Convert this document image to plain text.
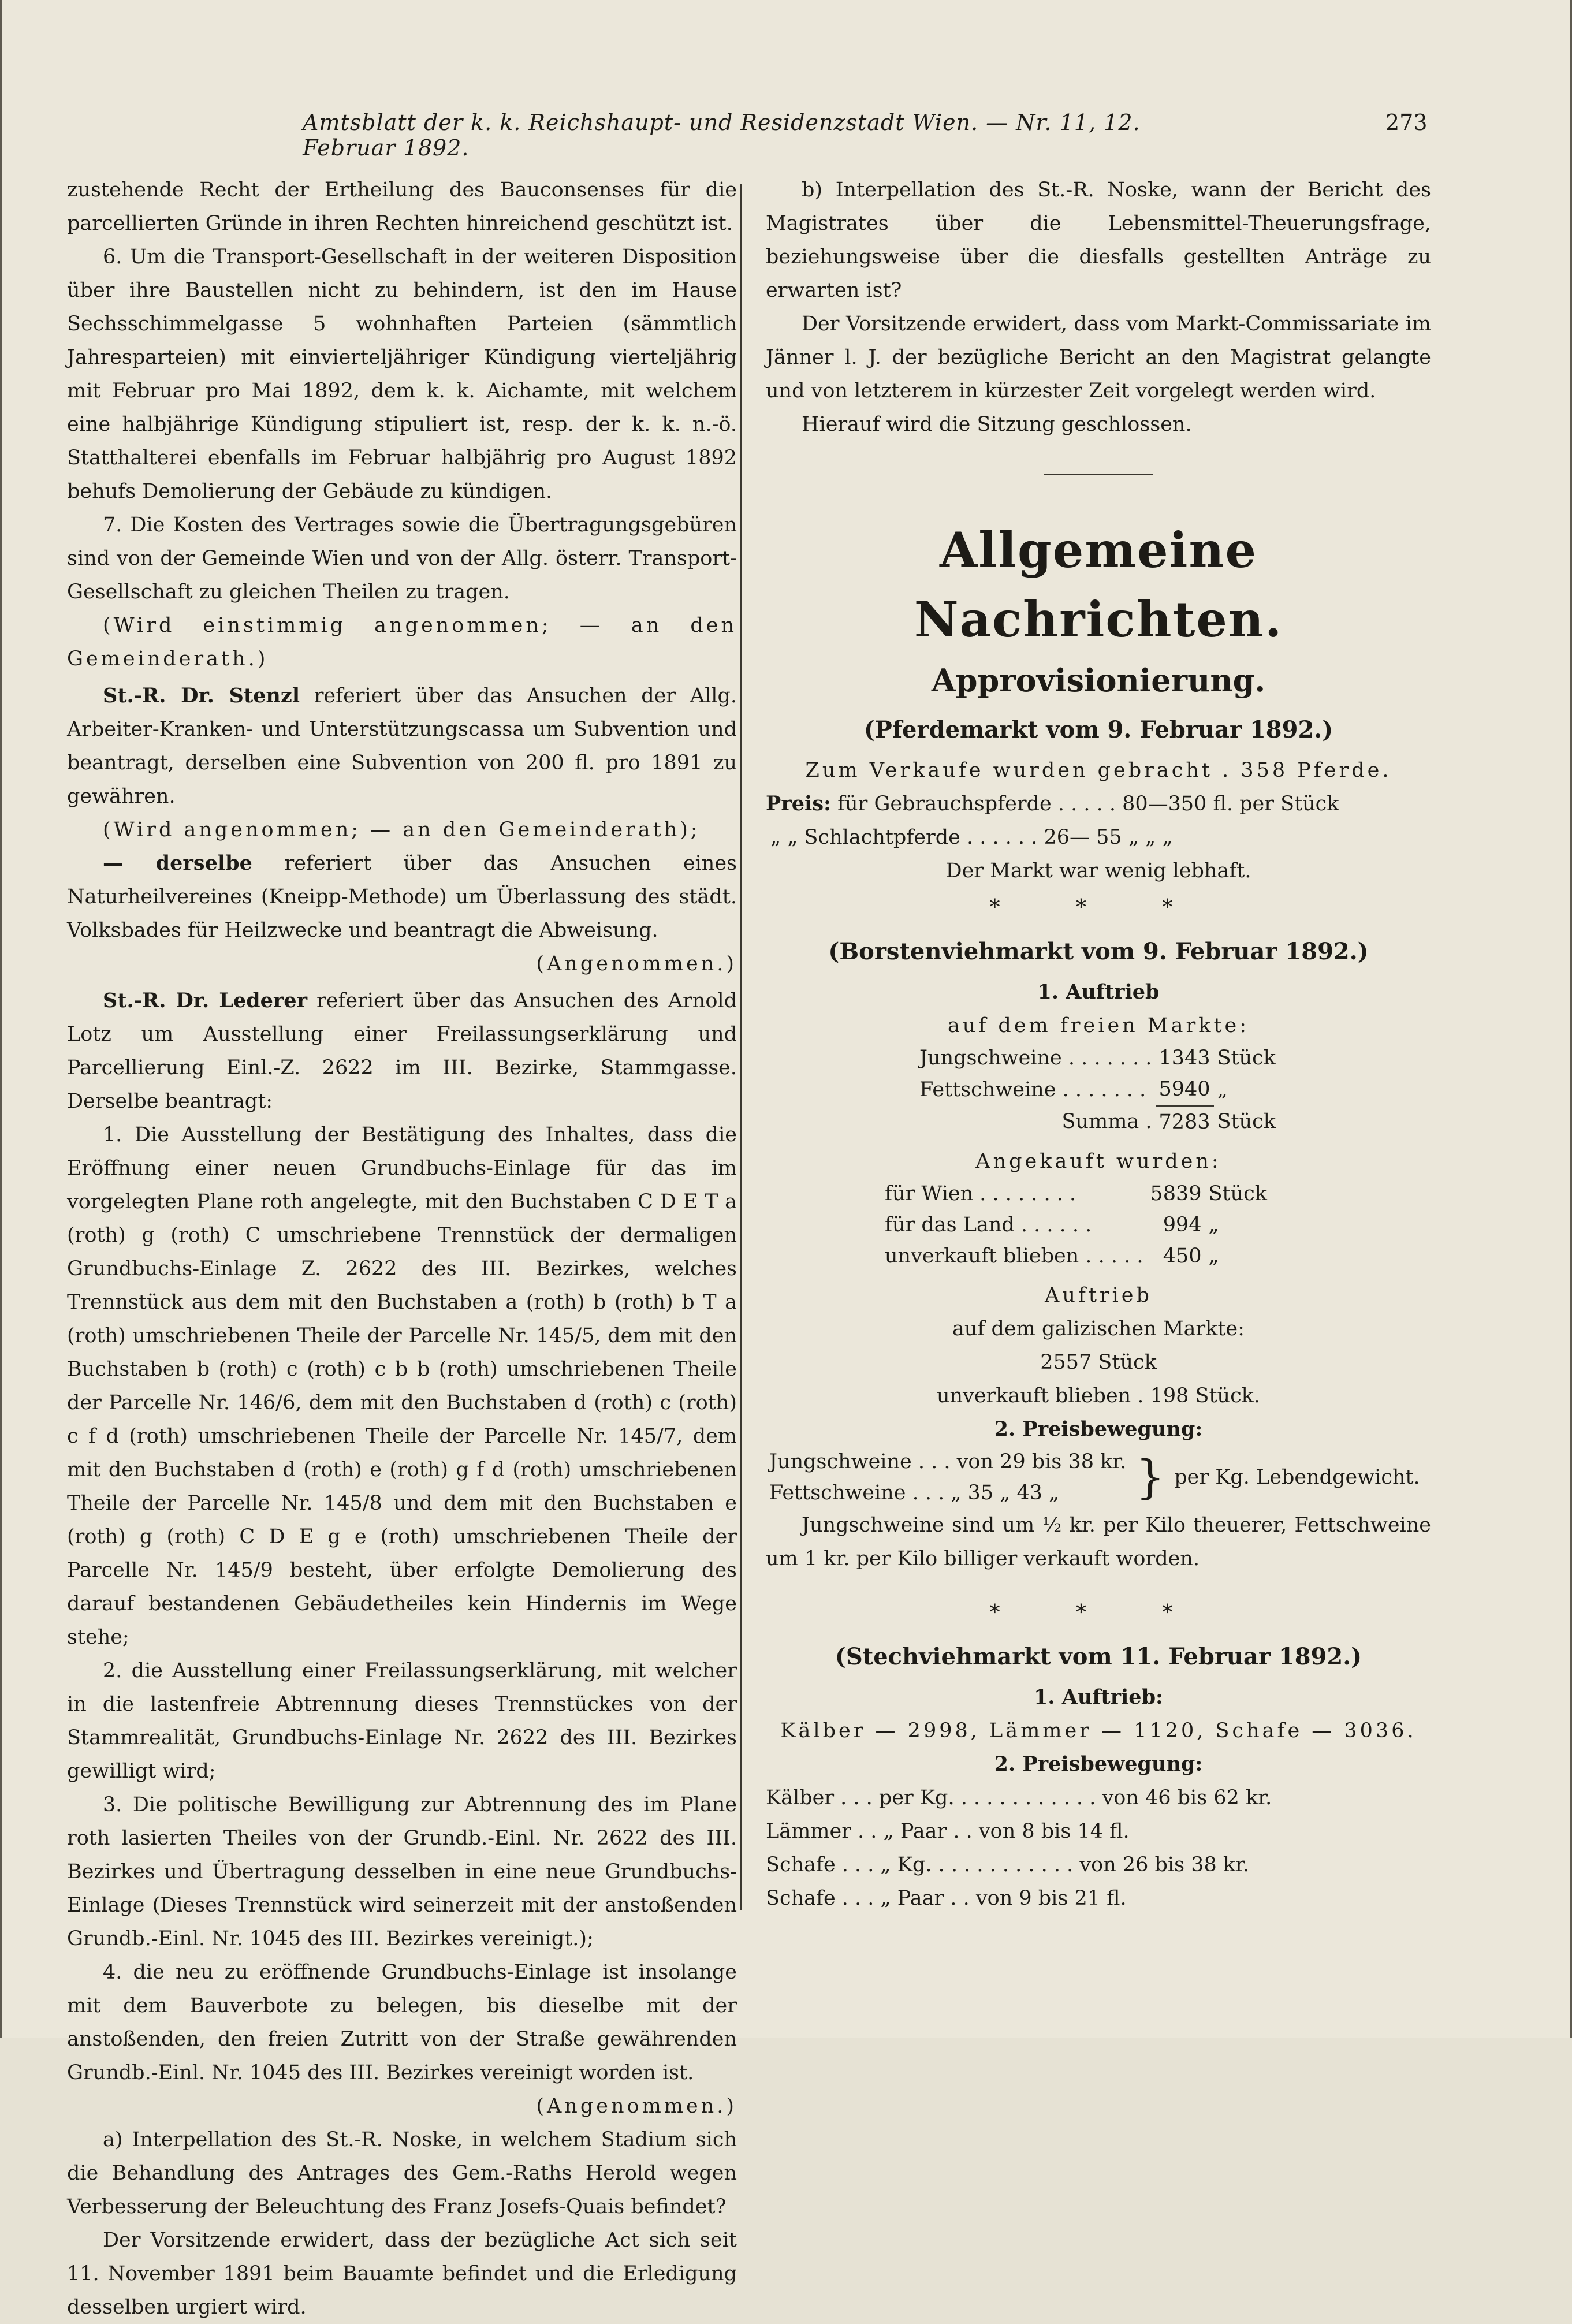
Amtsblatt der k. k. Reichshaupt- und Residenzstadt Wien. — Nr. 11, 12. Februar 1892.
273

zustehende Recht der Ertheilung des Bauconsenses für die parcellierten Gründe in ihren Rechten hinreichend geschützt ist.

6. Um die Transport-Gesellschaft in der weiteren Disposition über ihre Baustellen nicht zu behindern, ist den im Hause Sechsschimmelgasse 5 wohnhaften Parteien (sämmtlich Jahresparteien) mit einvierteljähriger Kündigung vierteljährig mit Februar pro Mai 1892, dem k. k. Aichamte, mit welchem eine halbjährige Kündigung stipuliert ist, resp. der k. k. n.-ö. Statthalterei ebenfalls im Februar halbjährig pro August 1892 behufs Demolierung der Gebäude zu kündigen.

7. Die Kosten des Vertrages sowie die Übertragungsgebüren sind von der Gemeinde Wien und von der Allg. österr. Transport-Gesellschaft zu gleichen Theilen zu tragen.

(Wird einstimmig angenommen; — an den Gemeinderath.)

St.-R. Dr. Stenzl referiert über das Ansuchen der Allg. Arbeiter-Kranken- und Unterstützungscassa um Subvention und beantragt, derselben eine Subvention von 200 fl. pro 1891 zu gewähren.

(Wird angenommen; — an den Gemeinderath);

— derselbe referiert über das Ansuchen eines Naturheilvereines (Kneipp-Methode) um Überlassung des städt. Volksbades für Heilzwecke und beantragt die Abweisung.

(Angenommen.)

St.-R. Dr. Lederer referiert über das Ansuchen des Arnold Lotz um Ausstellung einer Freilassungserklärung und Parcellierung Einl.-Z. 2622 im III. Bezirke, Stammgasse. Derselbe beantragt:

1. Die Ausstellung der Bestätigung des Inhaltes, dass die Eröffnung einer neuen Grundbuchs-Einlage für das im vorgelegten Plane roth angelegte, mit den Buchstaben C D E T a (roth) g (roth) C umschriebene Trennstück der dermaligen Grundbuchs-Einlage Z. 2622 des III. Bezirkes, welches Trennstück aus dem mit den Buchstaben a (roth) b (roth) b T a (roth) umschriebenen Theile der Parcelle Nr. 145/5, dem mit den Buchstaben b (roth) c (roth) c b b (roth) umschriebenen Theile der Parcelle Nr. 146/6, dem mit den Buchstaben d (roth) c (roth) c f d (roth) umschriebenen Theile der Parcelle Nr. 145/7, dem mit den Buchstaben d (roth) e (roth) g f d (roth) umschriebenen Theile der Parcelle Nr. 145/8 und dem mit den Buchstaben e (roth) g (roth) C D E g e (roth) umschriebenen Theile der Parcelle Nr. 145/9 besteht, über erfolgte Demolierung des darauf bestandenen Gebäudetheiles kein Hindernis im Wege stehe;

2. die Ausstellung einer Freilassungserklärung, mit welcher in die lastenfreie Abtrennung dieses Trennstückes von der Stammrealität, Grundbuchs-Einlage Nr. 2622 des III. Bezirkes gewilligt wird;

3. Die politische Bewilligung zur Abtrennung des im Plane roth lasierten Theiles von der Grundb.-Einl. Nr. 2622 des III. Bezirkes und Übertragung desselben in eine neue Grundbuchs-Einlage (Dieses Trennstück wird seinerzeit mit der anstoßenden Grundb.-Einl. Nr. 1045 des III. Bezirkes vereinigt.);

4. die neu zu eröffnende Grundbuchs-Einlage ist insolange mit dem Bauverbote zu belegen, bis dieselbe mit der anstoßenden, den freien Zutritt von der Straße gewährenden Grundb.-Einl. Nr. 1045 des III. Bezirkes vereinigt worden ist.

(Angenommen.)

a) Interpellation des St.-R. Noske, in welchem Stadium sich die Behandlung des Antrages des Gem.-Raths Herold wegen Verbesserung der Beleuchtung des Franz Josefs-Quais befindet?

Der Vorsitzende erwidert, dass der bezügliche Act sich seit 11. November 1891 beim Bauamte befindet und die Erledigung desselben urgiert wird.

b) Interpellation des St.-R. Noske, wann der Bericht des Magistrates über die Lebensmittel-Theuerungsfrage, beziehungsweise über die diesfalls gestellten Anträge zu erwarten ist?

Der Vorsitzende erwidert, dass vom Markt-Commissariate im Jänner l. J. der bezügliche Bericht an den Magistrat gelangte und von letzterem in kürzester Zeit vorgelegt werden wird.

Hierauf wird die Sitzung geschlossen.

Allgemeine Nachrichten.
Approvisionierung.
(Pferdemarkt vom 9. Februar 1892.)

Zum Verkaufe wurden gebracht . 358 Pferde.

Preis: für Gebrauchspferde . . . . . 80—350 fl. per Stück

„ „ Schlachtpferde . . . . . . 26— 55 „ „ „

Der Markt war wenig lebhaft.

* * *
(Borstenviehmarkt vom 9. Februar 1892.)

1. Auftrieb

auf dem freien Markte:

Jungschweine . . . . . . .	1343	Stück
Fettschweine . . . . . . .	5940	„
Summa .	7283	Stück

Angekauft wurden:

für Wien . . . . . . . .	5839	Stück
für das Land . . . . . .	994	„
unverkauft blieben . . . . .	450	„

Auftrieb

auf dem galizischen Markte:

2557 Stück

unverkauft blieben . 198 Stück.

2. Preisbewegung:

Jungschweine . . . von 29 bis 38 kr.	}	per Kg. Lebendgewicht.
Fettschweine . . . „ 35 „ 43 „

Jungschweine sind um ½ kr. per Kilo theuerer, Fettschweine um 1 kr. per Kilo billiger verkauft worden.

* * *
(Stechviehmarkt vom 11. Februar 1892.)

1. Auftrieb:

Kälber — 2998, Lämmer — 1120, Schafe — 3036.

2. Preisbewegung:

Kälber . . . per Kg. . . . . . . . . . . . von 46 bis 62 kr.

Lämmer . . „ Paar . . von 8 bis 14 fl.

Schafe . . . „ Kg. . . . . . . . . . . . von 26 bis 38 kr.

Schafe . . . „ Paar . . von 9 bis 21 fl.
